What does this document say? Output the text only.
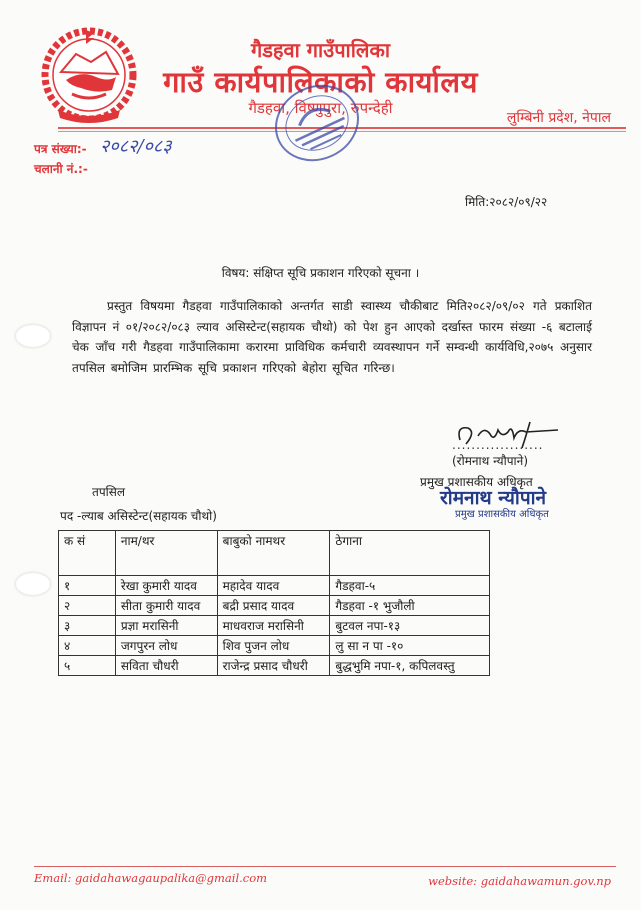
गैडहवा गाउँपालिका
गाउँ कार्यपालिकाको कार्यालय
गैडहवा, विष्णुपुरा, रुपन्देही
लुम्बिनी प्रदेश, नेपाल
पत्र संख्या:- २०८२/०८३
चलानी नं.:-
मिति:२०८२/०९/२२
विषय: संक्षिप्त सूचि प्रकाशन गरिएको सूचना ।
प्रस्तुत विषयमा गैडहवा गाउँपालिकाको अन्तर्गत साडी स्वास्थ्य चौकीबाट मिति२०८२/०९/०२ गते प्रकाशित विज्ञापन नं ०१/२०८२/०८३ ल्याव असिस्टेन्ट(सहायक चौथो) को पेश हुन आएको दर्खास्त फारम संख्या -६ बटालाई चेक जाँच गरी गैडहवा गाउँपालिकामा करारमा प्राविधिक कर्मचारी व्यवस्थापन गर्ने सम्वन्धी कार्यविधि,२०७५ अनुसार तपसिल बमोजिम प्रारम्भिक सूचि प्रकाशन गरिएको बेहोरा सूचित गरिन्छ।
...................
(रोमनाथ न्यौपाने)
प्रमुख प्रशासकीय अधिकृत
रोमनाथ न्यौपाने
प्रमुख प्रशासकीय अधिकृत
तपसिल
पद -ल्याब असिस्टेन्ट(सहायक चौथो)
क सं	नाम/थर	बाबुको नामथर	ठेगाना
१	रेखा कुमारी यादव	महादेव यादव	गैडहवा-५
२	सीता कुमारी यादव	बद्री प्रसाद यादव	गैडहवा -१ भुजौली
३	प्रज्ञा मरासिनी	माधवराज मरासिनी	बुटवल नपा-१३
४	जगपुरन लोध	शिव पुजन लोध	लु सा न पा -१०
५	सविता चौधरी	राजेन्द्र प्रसाद चौधरी	बुद्धभुमि नपा-१, कपिलवस्तु
Email: gaidahawagaupalika@gmail.com	website: gaidahawamun.gov.np
